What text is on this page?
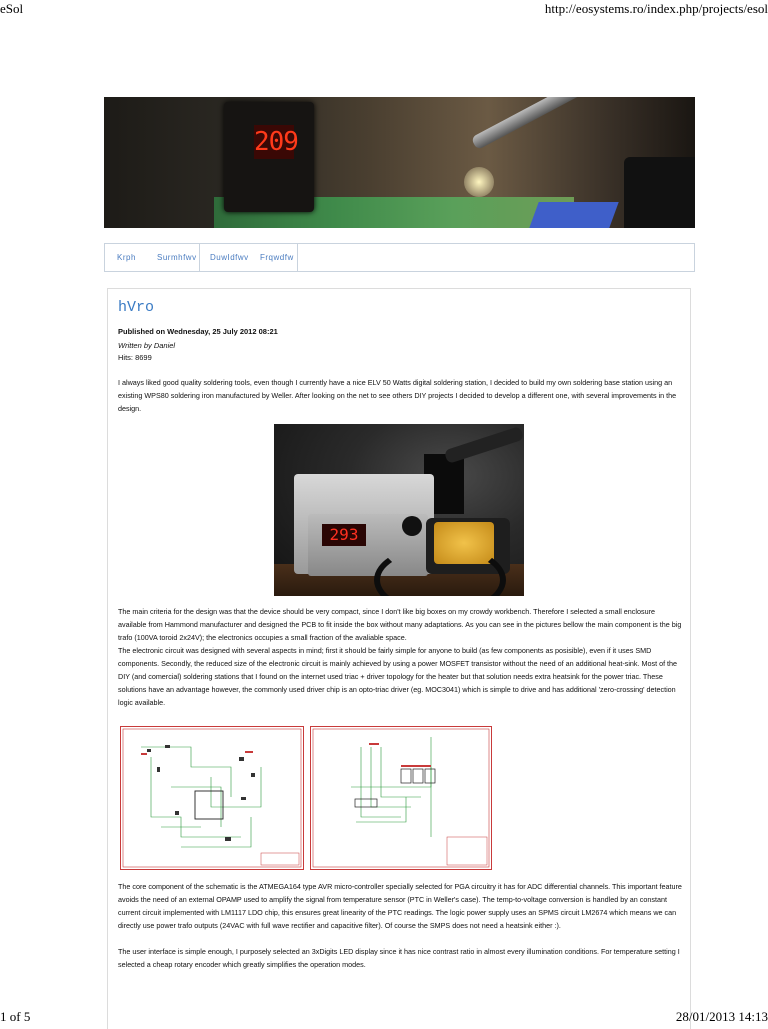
eSol	http://eosystems.ro/index.php/projects/esol
209
Krph	Surmhfwv	DuwIdfwv	Frqwdfw
hVro
Published on Wednesday, 25 July 2012 08:21
Written by Daniel
Hits: 8699

I always liked good quality soldering tools, even though I currently have a nice ELV 50 Watts digital soldering station, I decided to build my own soldering base station using an existing WPS80 soldering iron manufactured by Weller. After looking on the net to see others DIY projects I decided to develop a different one, with several improvements in the design.

293

The main criteria for the design was that the device should be very compact, since I don't like big boxes on my crowdy workbench. Therefore I selected a small enclosure available from Hammond manufacturer and designed the PCB to fit inside the box without many adaptations. As you can see in the pictures bellow the main component is the big trafo (100VA toroid 2x24V); the electronics occupies a small fraction of the avaliable space.

The electronic circuit was designed with several aspects in mind; first it should be fairly simple for anyone to build (as few components as posisible), even if it uses SMD components. Secondly, the reduced size of the electronic circuit is mainly achieved by using a power MOSFET transistor without the need of an additional heat-sink. Most of the DIY (and comercial) soldering stations that I found on the internet used triac + driver topology for the heater but that solution needs extra heatsink for the power triac. These solutions have an advantage however, the commonly used driver chip is an opto-triac driver (eg. MOC3041) which is simple to drive and has additional 'zero-crossing' detection logic available.

The core component of the schematic is the ATMEGA164 type AVR micro-controller specially selected for PGA circuitry it has for ADC differential channels. This important feature avoids the need of an external OPAMP used to amplify the signal from temperature sensor (PTC in Weller's case). The temp-to-voltage conversion is handled by an constant current circuit implemented with LM1117 LDO chip, this ensures great linearity of the PTC readings. The logic power supply uses an SPMS circuit LM2674 which means we can directly use power trafo outputs (24VAC with full wave rectifier and capacitive filter). Of course the SMPS does not need a heatsink either :).

The user interface is simple enough, I purposely selected an 3xDigits LED display since it has nice contrast ratio in almost every illumination conditions. For temperature setting I selected a cheap rotary encoder which greatly simplifies the operation modes.

1 of 5	28/01/2013 14:13
